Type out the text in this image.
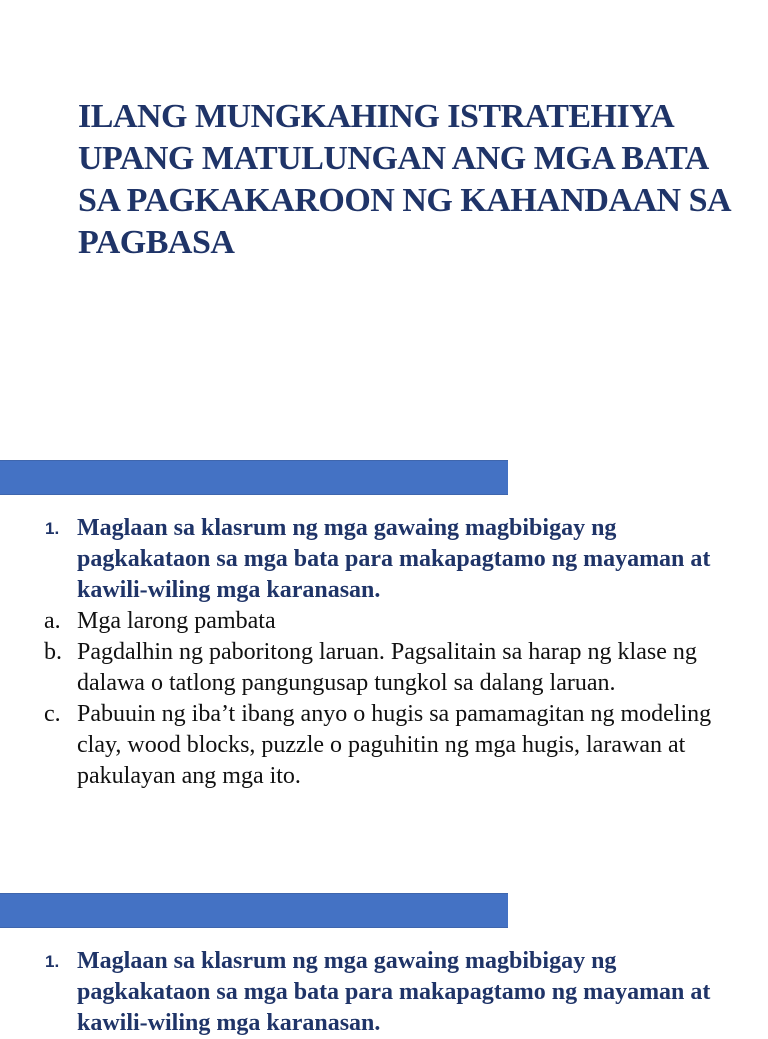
ILANG MUNGKAHING ISTRATEHIYA UPANG MATULUNGAN ANG MGA BATA SA PAGKAKAROON NG KAHANDAAN SA PAGBASA
1. Maglaan sa klasrum ng mga gawaing magbibigay ng pagkakataon sa mga bata para makapagtamo ng mayaman at kawili-wiling mga karanasan.
a. Mga larong pambata
b. Pagdalhin ng paboritong laruan. Pagsalitain sa harap ng klase ng dalawa o tatlong pangungusap tungkol sa dalang laruan.
c. Pabuuin ng iba’t ibang anyo o hugis sa pamamagitan ng modeling clay, wood blocks, puzzle o paguhitin ng mga hugis, larawan at pakulayan ang mga ito.
1. Maglaan sa klasrum ng mga gawaing magbibigay ng pagkakataon sa mga bata para makapagtamo ng mayaman at kawili-wiling mga karanasan.
